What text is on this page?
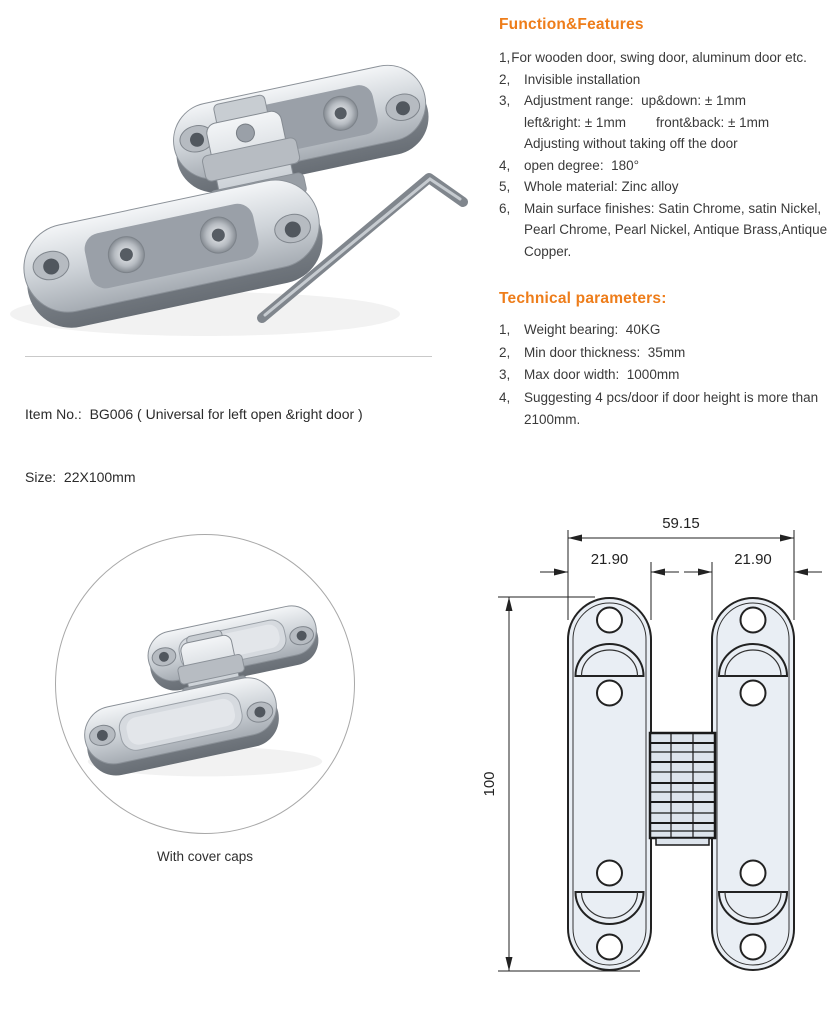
Item No.:  BG006 ( Universal for left open &right door )

Size:  22X100mm

Function&Features
1, For wooden door, swing door, aluminum door etc.
2,	Invisible installation
3,	Adjustment range:  up&down: ± 1mm
left&right: ± 1mm        front&back: ± 1mm
Adjusting without taking off the door
4,	open degree:  180°
5,	Whole material: Zinc alloy
6,	Main surface finishes: Satin Chrome, satin Nickel,
Pearl Chrome, Pearl Nickel, Antique Brass,Antique
Copper.
Technical parameters:
1,	Weight bearing:  40KG
2,	Min door thickness:  35mm
3,	Max door width:  1000mm
4,	Suggesting 4 pcs/door if door height is more than
2100mm.
With cover caps
59.15
21.90	21.90
100
